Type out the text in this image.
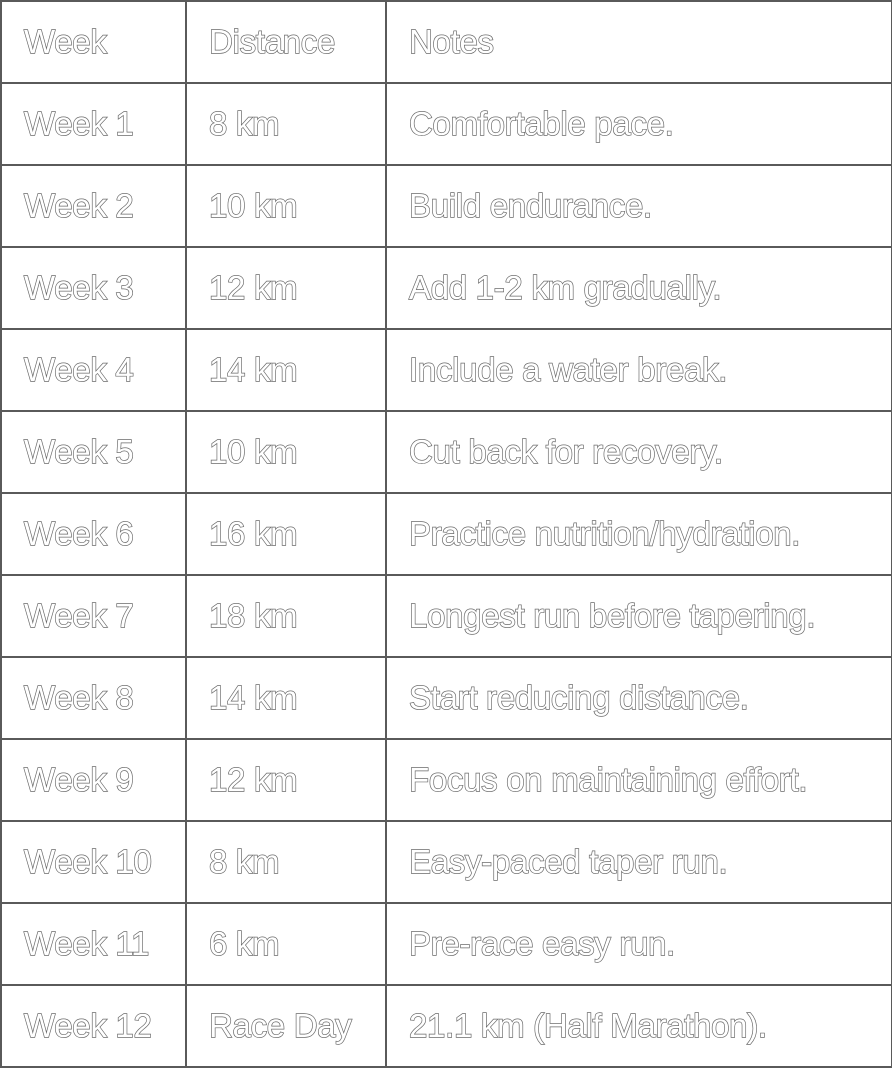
Week	Distance	Notes
Week 1	8 km	Comfortable pace.
Week 2	10 km	Build endurance.
Week 3	12 km	Add 1-2 km gradually.
Week 4	14 km	Include a water break.
Week 5	10 km	Cut back for recovery.
Week 6	16 km	Practice nutrition/hydration.
Week 7	18 km	Longest run before tapering.
Week 8	14 km	Start reducing distance.
Week 9	12 km	Focus on maintaining effort.
Week 10	8 km	Easy-paced taper run.
Week 11	6 km	Pre-race easy run.
Week 12	Race Day	21.1 km (Half Marathon).
